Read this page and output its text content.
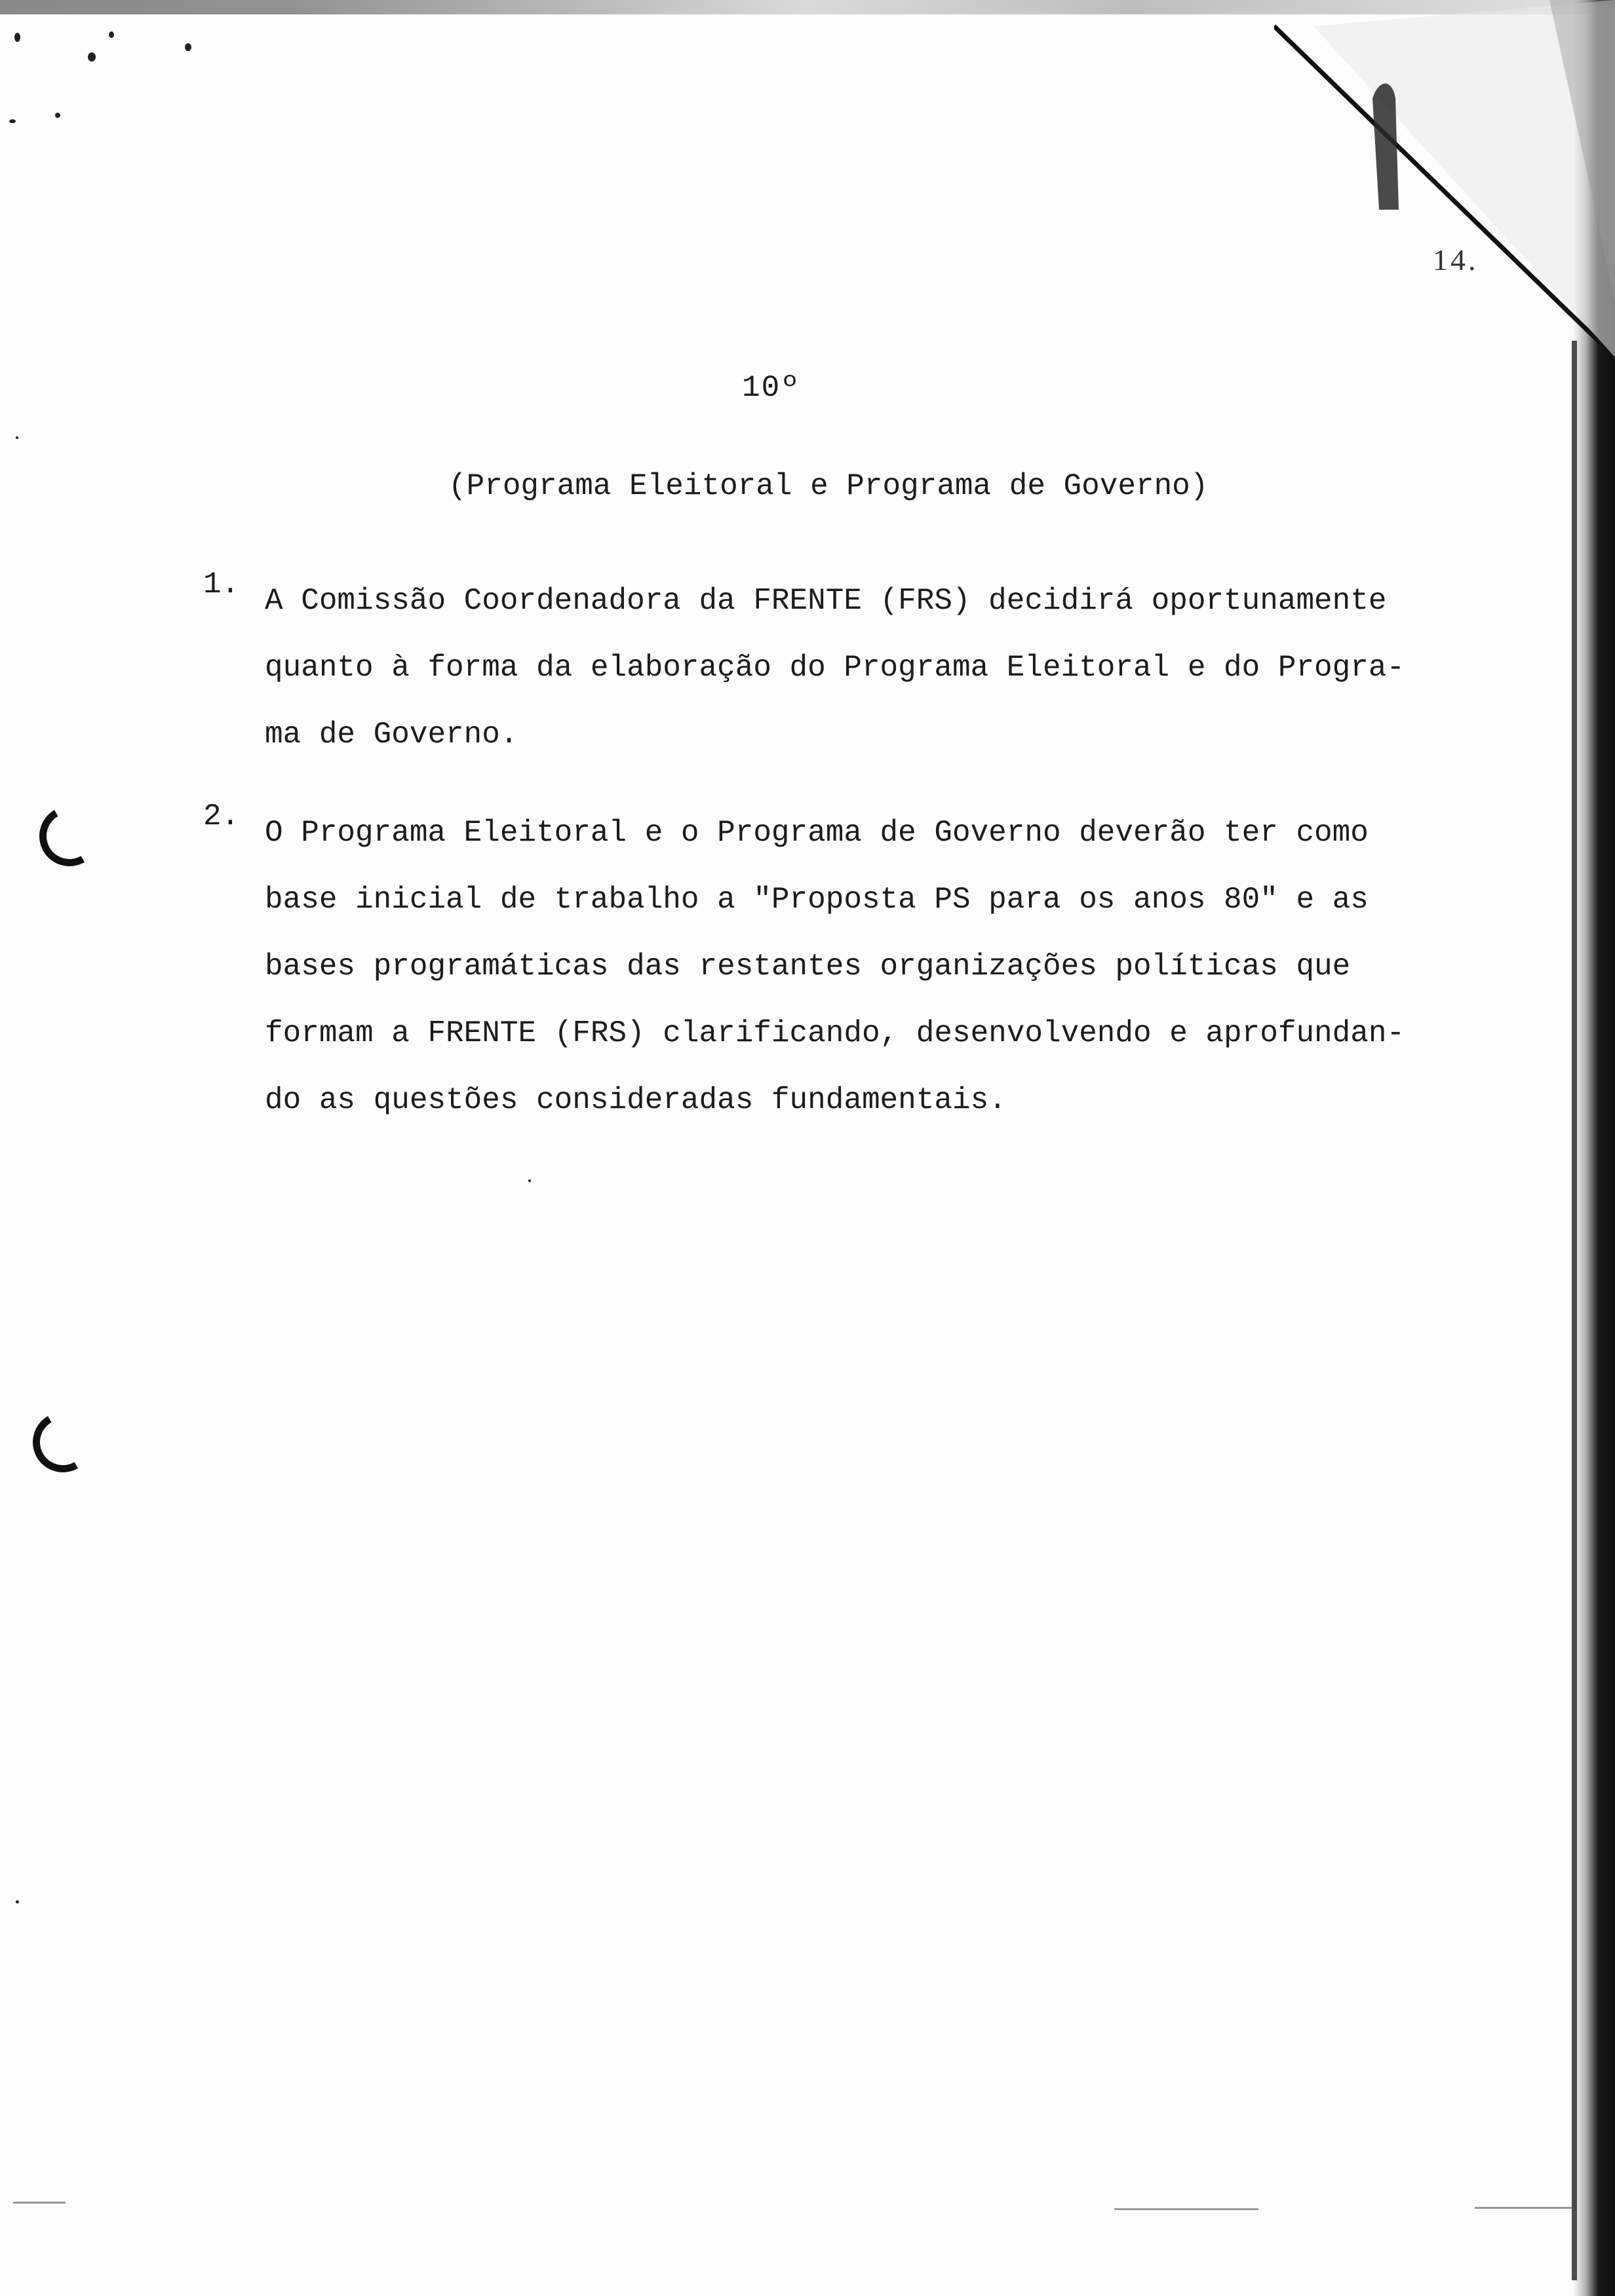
14.
10º
(Programa Eleitoral e Programa de Governo)
1. A Comissão Coordenadora da FRENTE (FRS) decidirá oportunamente
quanto à forma da elaboração do Programa Eleitoral e do Progra-
ma de Governo.
2. O Programa Eleitoral e o Programa de Governo deverão ter como
base inicial de trabalho a "Proposta PS para os anos 80" e as
bases programáticas das restantes organizações políticas que
formam a FRENTE (FRS) clarificando, desenvolvendo e aprofundan-
do as questões consideradas fundamentais.
